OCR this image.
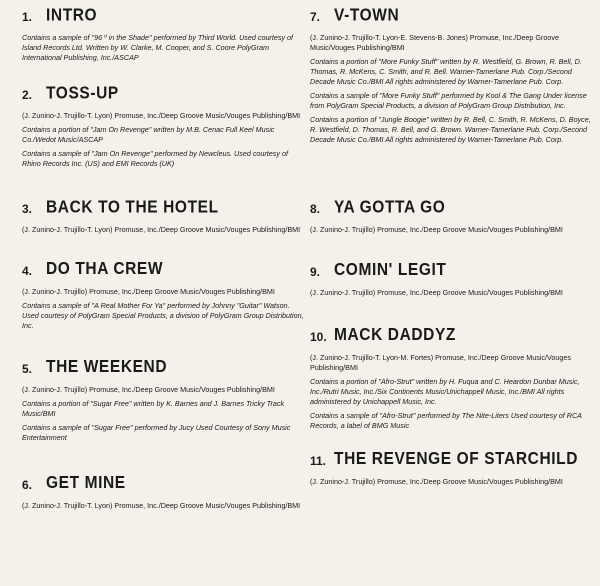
1. INTRO

Contains a sample of "96 º in the Shade" performed by Third World. Used courtesy of Island Records Ltd. Written by W. Clarke, M. Cooper, and S. Coore PolyGram International Publishing, Inc./ASCAP

2. TOSS-UP

(J. Zunino-J. Trujillo-T. Lyon) Promuse, Inc./Deep Groove Music/Vouges Publishing/BMI

Contains a portion of "Jam On Revenge" written by M.B. Cenac Full Keel Music Co./Wedot Music/ASCAP

Contains a sample of "Jam On Revenge" performed by Newcleus. Used courtesy of Rhino Records Inc. (US) and EMI Records (UK)

3. BACK TO THE HOTEL

(J. Zunino-J. Trujillo-T. Lyon) Promuse, Inc./Deep Groove Music/Vouges Publishing/BMI

4. DO THA CREW

(J. Zunino-J. Trujillo) Promuse, Inc./Deep Groove Music/Vouges Publishing/BMI

Contains a sample of "A Real Mother For Ya" performed by Johnny "Guitar" Watson. Used courtesy of PolyGram Special Products, a division of PolyGram Group Distribution, Inc.

5. THE WEEKEND

(J. Zunino-J. Trujillo) Promuse, Inc./Deep Groove Music/Vouges Publishing/BMI

Contains a portion of "Sugar Free" written by K. Barnes and J. Barnes Tricky Track Music/BMI

Contains a sample of "Sugar Free" performed by Jucy Used Courtesy of Sony Music Entertainment

6. GET MINE

(J. Zunino-J. Trujillo-T. Lyon) Promuse, Inc./Deep Groove Music/Vouges Publishing/BMI

7. V-TOWN

(J. Zunino-J. Trujillo-T. Lyon-E. Stevens-B. Jones) Promuse, Inc./Deep Groove Music/Vouges Publishing/BMI

Contains a portion of "More Funky Stuff" written by R. Westfield, G. Brown, R. Bell, D. Thomas, R. McKens, C. Smith, and R. Bell. Warner-Tamerlane Pub. Corp./Second Decade Music Co./BMI All rights administered by Warner-Tamerlane Pub. Corp.

Contains a sample of "More Funky Stuff" performed by Kool & The Gang Under license from PolyGram Special Products, a division of PolyGram Group Distribution, Inc.

Contains a portion of "Jungle Boogie" written by R. Bell, C. Smith, R. McKens, D. Boyce, R. Westfield, D. Thomas, R. Bell, and G. Brown. Warner-Tamerlane Pub. Corp./Second Decade Music Co./BMI All rights administered by Warner-Tamerlane Pub. Corp.

8. YA GOTTA GO

(J. Zunino-J. Trujillo) Promuse, Inc./Deep Groove Music/Vouges Publishing/BMI

9. COMIN' LEGIT

(J. Zunino-J. Trujillo) Promuse, Inc./Deep Groove Music/Vouges Publishing/BMI

10. MACK DADDYZ

(J. Zunino-J. Trujillo-T. Lyon-M. Fortes) Promuse, Inc./Deep Groove Music/Vouges Publishing/BMI

Contains a portion of "Afro-Strut" written by H. Fuqua and C. Heardon Dunbar Music, Inc./Rutri Music, Inc./Six Continents Music/Unichappell Music, Inc./BMI All rights administered by Unichappell Music, Inc.

Contains a sample of "Afro-Strut" performed by The Nite-Liters Used courtesy of RCA Records, a label of BMG Music

11. THE REVENGE OF STARCHILD

(J. Zunino-J. Trujillo) Promuse, Inc./Deep Groove Music/Vouges Publishing/BMI
